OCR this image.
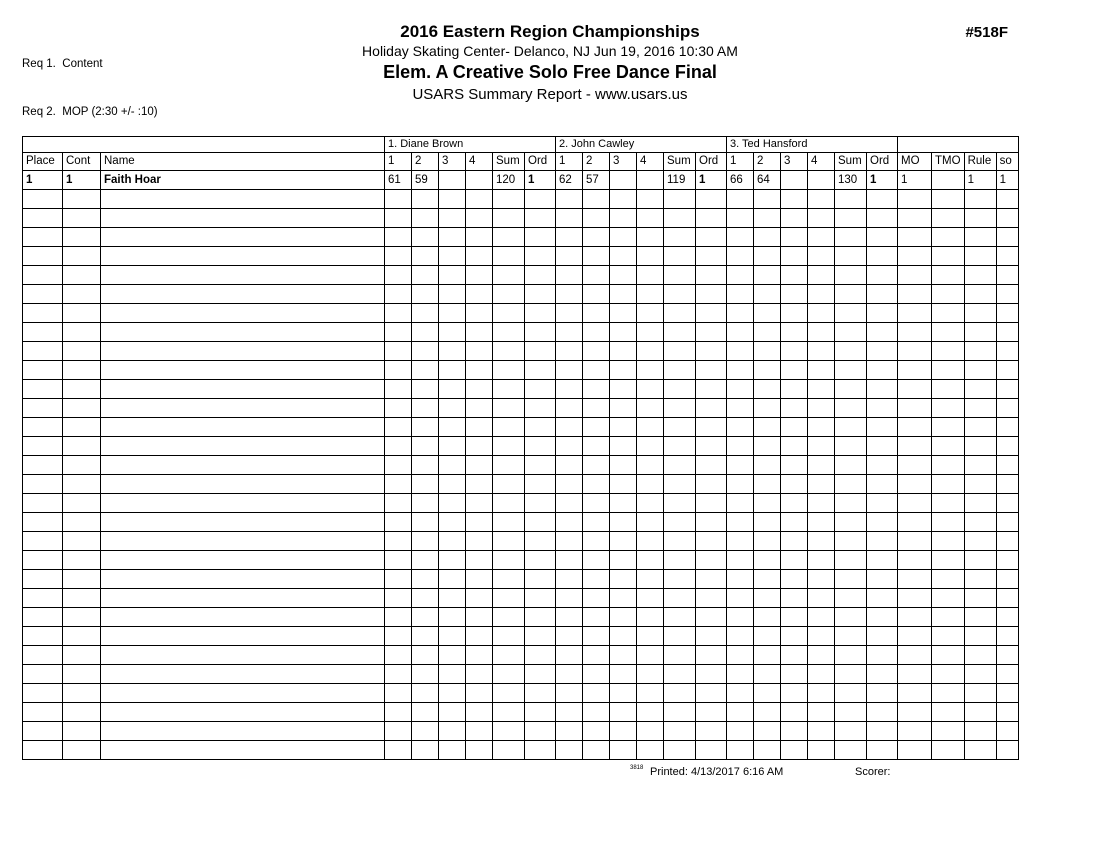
Req 1.  Content

Req 2.  MOP (2:30 +/- :10)

2016 Eastern Region Championships
Holiday Skating Center- Delanco, NJ Jun 19, 2016 10:30 AM
Elem. A Creative Solo Free Dance Final
USARS Summary Report - www.usars.us
#518F
			1. Diane Brown						2. John Cawley						3. Ted Hansford									
Place	Cont	Name	1	2	3	4	Sum	Ord	1	2	3	4	Sum	Ord	1	2	3	4	Sum	Ord	MO	TMO	Rule	so
1	1	Faith Hoar	61	59			120	1	62	57			119	1	66	64			130	1	1		1	1

3818 Printed: 4/13/2017 6:16 AM	Scorer:
